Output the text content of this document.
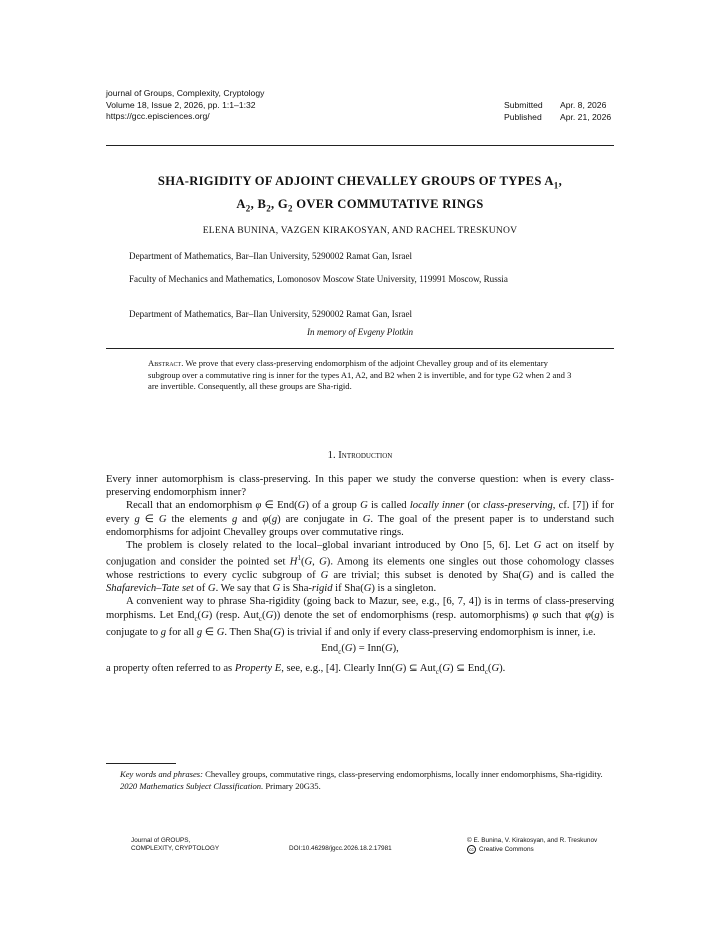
journal of Groups, Complexity, Cryptology
Volume 18, Issue 2, 2026, pp. 1:1–1:32
https://gcc.episciences.org/
Submitted Apr. 8, 2026
Published Apr. 21, 2026
SHA-RIGIDITY OF ADJOINT CHEVALLEY GROUPS OF TYPES $A_1$,
$A_2$, $B_2$, $G_2$ OVER COMMUTATIVE RINGS
ELENA BUNINA, VAZGEN KIRAKOSYAN, AND RACHEL TRESKUNOV
Department of Mathematics, Bar–Ilan University, 5290002 Ramat Gan, Israel
Faculty of Mechanics and Mathematics, Lomonosov Moscow State University, 119991 Moscow, Russia
Department of Mathematics, Bar–Ilan University, 5290002 Ramat Gan, Israel
In memory of Evgeny Plotkin
Abstract. We prove that every class-preserving endomorphism of the adjoint Chevalley group and of its elementary subgroup over a commutative ring is inner for the types A1, A2, and B2 when 2 is invertible, and for type G2 when 2 and 3 are invertible. Consequently, all these groups are Sha-rigid.
1. Introduction

Every inner automorphism is class-preserving. In this paper we study the converse question: when is every class-preserving endomorphism inner?

Recall that an endomorphism φ ∈ End(G) of a group G is called locally inner (or class-preserving, cf. [7]) if for every g ∈ G the elements g and φ(g) are conjugate in G. The goal of the present paper is to understand such endomorphisms for adjoint Chevalley groups over commutative rings.

The problem is closely related to the local–global invariant introduced by Ono [5, 6]. Let G act on itself by conjugation and consider the pointed set $H^1(G$, G). Among its elements one singles out those cohomology classes whose restrictions to every cyclic subgroup of G are trivial; this subset is denoted by Sha(G) and is called the Shafarevich–Tate set of G. We say that G is Sha-rigid if Sha(G) is a singleton.

A convenient way to phrase Sha-rigidity (going back to Mazur, see, e.g., [6, 7, 4]) is in terms of class-preserving morphisms. Let End$_c$(G) (resp. Aut$_c$(G)) denote the set of endomorphisms (resp. automorphisms) φ such that φ(g) is conjugate to g for all g ∈ G. Then Sha(G) is trivial if and only if every class-preserving endomorphism is inner, i.e.

End$_c$(G) = Inn(G),

a property often referred to as Property E, see, e.g., [4]. Clearly Inn(G) ⊆ Aut$_c$(G) ⊆ End$_c$(G).

Key words and phrases: Chevalley groups, commutative rings, class-preserving endomorphisms, locally inner endomorphisms, Sha-rigidity.

2020 Mathematics Subject Classification. Primary 20G35.

Journal of GROUPS,
COMPLEXITY, CRYPTOLOGY	DOI:10.46298/jgcc.2026.18.2.17981
© E. Bunina, V. Kirakosyan, and R. Treskunov
cc Creative Commons
